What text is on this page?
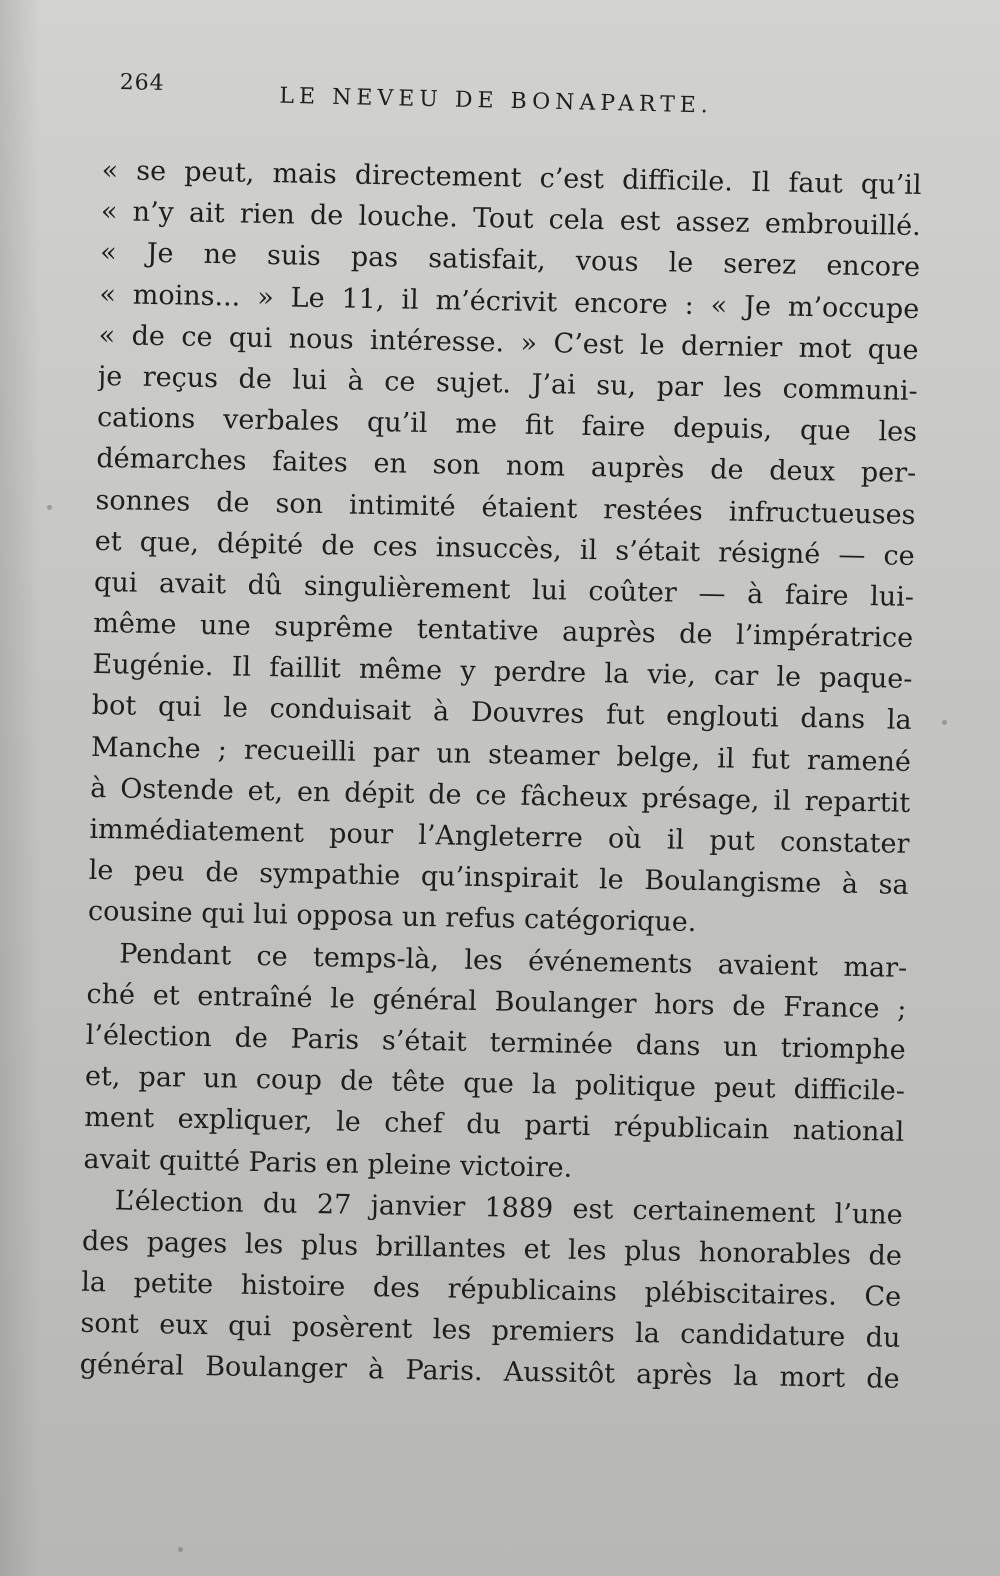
264
LE NEVEU DE BONAPARTE.
« se peut, mais directement c’est difficile. Il faut qu’il
« n’y ait rien de louche. Tout cela est assez embrouillé.
« Je ne suis pas satisfait, vous le serez encore
« moins... » Le 11, il m’écrivit encore : « Je m’occupe
« de ce qui nous intéresse. » C’est le dernier mot que
je reçus de lui à ce sujet. J’ai su, par les communi-
cations verbales qu’il me fit faire depuis, que les
démarches faites en son nom auprès de deux per-
sonnes de son intimité étaient restées infructueuses
et que, dépité de ces insuccès, il s’était résigné — ce
qui avait dû singulièrement lui coûter — à faire lui-
même une suprême tentative auprès de l’impératrice
Eugénie. Il faillit même y perdre la vie, car le paque-
bot qui le conduisait à Douvres fut englouti dans la
Manche ; recueilli par un steamer belge, il fut ramené
à Ostende et, en dépit de ce fâcheux présage, il repartit
immédiatement pour l’Angleterre où il put constater
le peu de sympathie qu’inspirait le Boulangisme à sa
cousine qui lui opposa un refus catégorique.
Pendant ce temps-là, les événements avaient mar-
ché et entraîné le général Boulanger hors de France ;
l’élection de Paris s’était terminée dans un triomphe
et, par un coup de tête que la politique peut difficile-
ment expliquer, le chef du parti républicain national
avait quitté Paris en pleine victoire.
L’élection du 27 janvier 1889 est certainement l’une
des pages les plus brillantes et les plus honorables de
la petite histoire des républicains plébiscitaires. Ce
sont eux qui posèrent les premiers la candidature du
général Boulanger à Paris. Aussitôt après la mort de
